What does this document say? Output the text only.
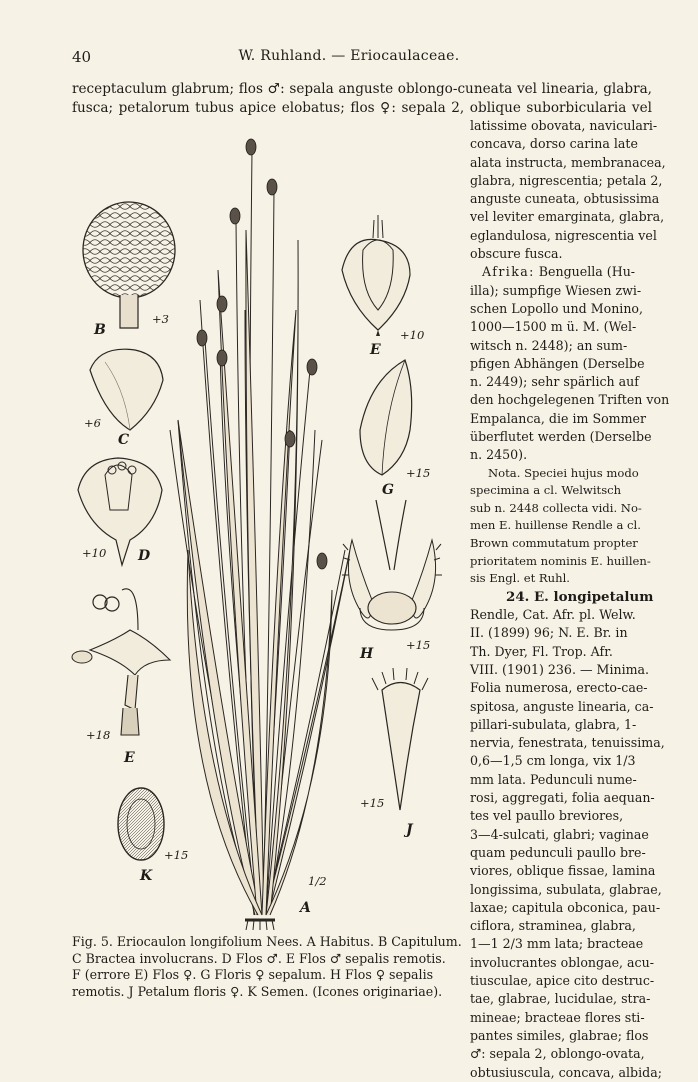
40	W. Ruhland. — Eriocaulaceae.
receptaculum glabrum; flos ♂: sepala anguste oblongo-cuneata vel linearia, glabra,
fusca; petalorum tubus apice elobatus; flos ♀: sepala 2, oblique suborbicularia vel
latissime obovata, naviculari-
concava, dorso carina late
alata instructa, membranacea,
glabra, nigrescentia; petala 2,
anguste cuneata, obtusissima
vel leviter emarginata, glabra,
eglandulosa, nigrescentia vel
obscure fusca.
Afrika: Benguella (Hu-
illa); sumpfige Wiesen zwi-
schen Lopollo und Monino,
1000—1500 m ü. M. (Wel-
witsch n. 2448); an sum-
pfigen Abhängen (Derselbe
n. 2449); sehr spärlich auf
den hochgelegenen Triften von
Empalanca, die im Sommer
überflutet werden (Derselbe
n. 2450).
Nota. Speciei hujus modo
specimina a cl. Welwitsch
sub n. 2448 collecta vidi. No-
men E. huillense Rendle a cl.
Brown commutatum propter
prioritatem nominis E. huillen-
sis Engl. et Ruhl.
24. E. longipetalum
Rendle, Cat. Afr. pl. Welw.
II. (1899) 96; N. E. Br. in
Th. Dyer, Fl. Trop. Afr.
VIII. (1901) 236. — Minima.
Folia numerosa, erecto-cae-
spitosa, anguste linearia, ca-
pillari-subulata, glabra, 1-
nervia, fenestrata, tenuissima,
0,6—1,5 cm longa, vix 1/3
mm lata. Pedunculi nume-
rosi, aggregati, folia aequan-
tes vel paullo breviores,
3—4-sulcati, glabri; vaginae
quam pedunculi paullo bre-
viores, oblique fissae, lamina
longissima, subulata, glabrae,
laxae; capitula obconica, pau-
ciflora, straminea, glabra,
1—1 2/3 mm lata; bracteae
involucrantes oblongae, acu-
tiusculae, apice cito destruc-
tae, glabrae, lucidulae, stra-
mineae; bracteae flores sti-
pantes similes, glabrae; flos
♂: sepala 2, oblongo-ovata,
obtusiuscula, concava, albida;
B
+3
C
+6
D
+10
E
+18
K
+15
A
1/2
E
+10
G
+15
H
+15
J
+15
Fig. 5. Eriocaulon longifolium Nees. A Habitus. B Capitulum.
C Bractea involucrans. D Flos ♂. E Flos ♂ sepalis remotis.
F (errore E) Flos ♀. G Floris ♀ sepalum. H Flos ♀ sepalis
remotis. J Petalum floris ♀. K Semen. (Icones originariae).
